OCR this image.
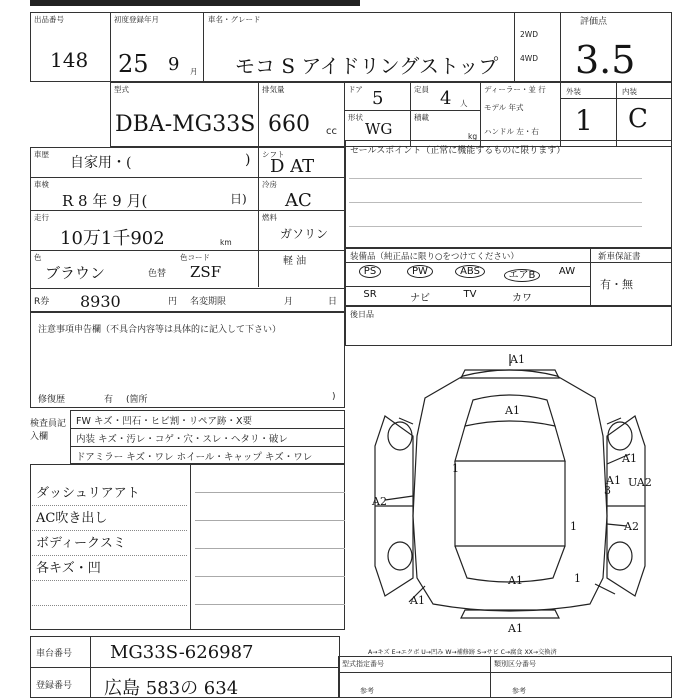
出品番号
148
初度登録年月
25 9 月
車名・グレード
モコ S アイドリングストップ
2WD
4WD
評価点
3.5
型式
DBA-MG33S
排気量
660 cc
ドア 5	定員 4 人
形状
WG
積載
kg
ディーラー・並 行
モデル 年式
ハンドル 左・右
外装	内装
1 C
車歴
自家用・(	) シフト
D AT
車検
R 8 年 9 月(	日)
冷房
AC
走行
10万1千902	km
燃料
ガソリン
軽 油
色
ブラウン	色替
色コード
ZSF
R券 8930	円 名変期限	月	日
セールスポイント（正常に機能するものに限ります）
装備品（純正品に限り○をつけてください）	新車保証書
有・無
PS	PW	ABS	エアB	AW
SR	ナビ	TV	カワ
後日品
注意事項申告欄（不具合内容等は具体的に記入して下さい）
修復歴	有 (箇所	)
検査員記入欄
FW キズ・凹石・ヒビ割・リペア跡・X要
内装 キズ・汚レ・コゲ・穴・スレ・ヘタリ・破レ
ドアミラー キズ・ワレ ホイール・キャップ キズ・ワレ
ダッシュリアアト
AC吹き出し
ボディークスミ
各キズ・凹
A1
A1
A1
A1 UA2
A2
A2
A1
A1
A1
3
1
1
1
A→キズ E→エクボ U→凹み W→補修跡 S→サビ C→腐食 XX→交換済
車台番号 MG33S-626987
登録番号 広島 583の 634
型式指定番号	類別区分番号
参考	参考
